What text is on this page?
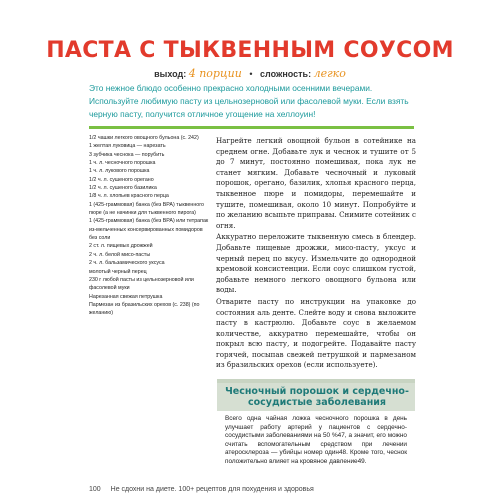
ПАСТА С ТЫКВЕННЫМ СОУСОМ
выход: 4 порции   •   сложность: легко
Это нежное блюдо особенно прекрасно холодными осенними вечерами. Используйте любимую пасту из цельнозерновой или фасолевой муки. Если взять черную пасту, получится отличное угощение на хеллоуин!
1/2 чашки легкого овощного бульона (с. 242)
1 желтая луковица — нарезать
3 зубчика чеснока — порубить
1 ч. л. чесночного порошка
1 ч. л. лукового порошка
1/2 ч. л. сушеного орегано
1/2 ч. л. сушеного базилика
1/8 ч. л. хлопьев красного перца
1 (425-граммовая) банка (без BPA) тыквенного пюре (а не начинки для тыквенного пирога)
1 (425-граммовая) банка (без BPA) или тетрапак из-мельченных консервированных помидоров без соли
2 ст. л. пищевых дрожжей
2 ч. л. белой мисо-пасты
2 ч. л. бальзамического уксуса
молотый черный перец
230 г любой пасты из цельнозерновой или фасолевой муки
Нарезанная свежая петрушка
Пармезан из бразильских орехов (с. 238) (по желанию)

Нагрейте легкий овощной бульон в сотейнике на среднем огне. Добавьте лук и чеснок и тушите от 5 до 7 минут, постоянно помешивая, пока лук не станет мягким. Добавьте чесночный и луковый порошок, орегано, базилик, хлопья красного перца, тыквенное пюре и помидоры, перемешайте и тушите, помешивая, около 10 минут. Попробуйте и по желанию всыпьте приправы. Снимите сотейник с огня.

Аккуратно переложите тыквенную смесь в блендер. Добавьте пищевые дрожжи, мисо-пасту, уксус и черный перец по вкусу. Измельчите до однородной кремовой консистенции. Если соус слишком густой, добавьте немного легкого овощного бульона или воды.

Отварите пасту по инструкции на упаковке до состояния аль денте. Слейте воду и снова выложите пасту в кастрюлю. Добавьте соус в желаемом количестве, аккуратно перемешайте, чтобы он покрыл всю пасту, и подогрейте. Подавайте пасту горячей, посыпав свежей петрушкой и пармезаном из бразильских орехов (если используете).

Чесночный порошок и сердечно-сосудистые заболевания
Всего одна чайная ложка чесночного порошка в день улучшает работу артерий у пациентов с сердечно-сосудистыми заболеваниями на 50 %47, а значит, его можно считать вспомогательным средством при лечении атеросклероза — убийцы номер один48. Кроме того, чеснок положительно влияет на кровяное давление49.
100 Не сдохни на диете. 100+ рецептов для похудения и здоровья
